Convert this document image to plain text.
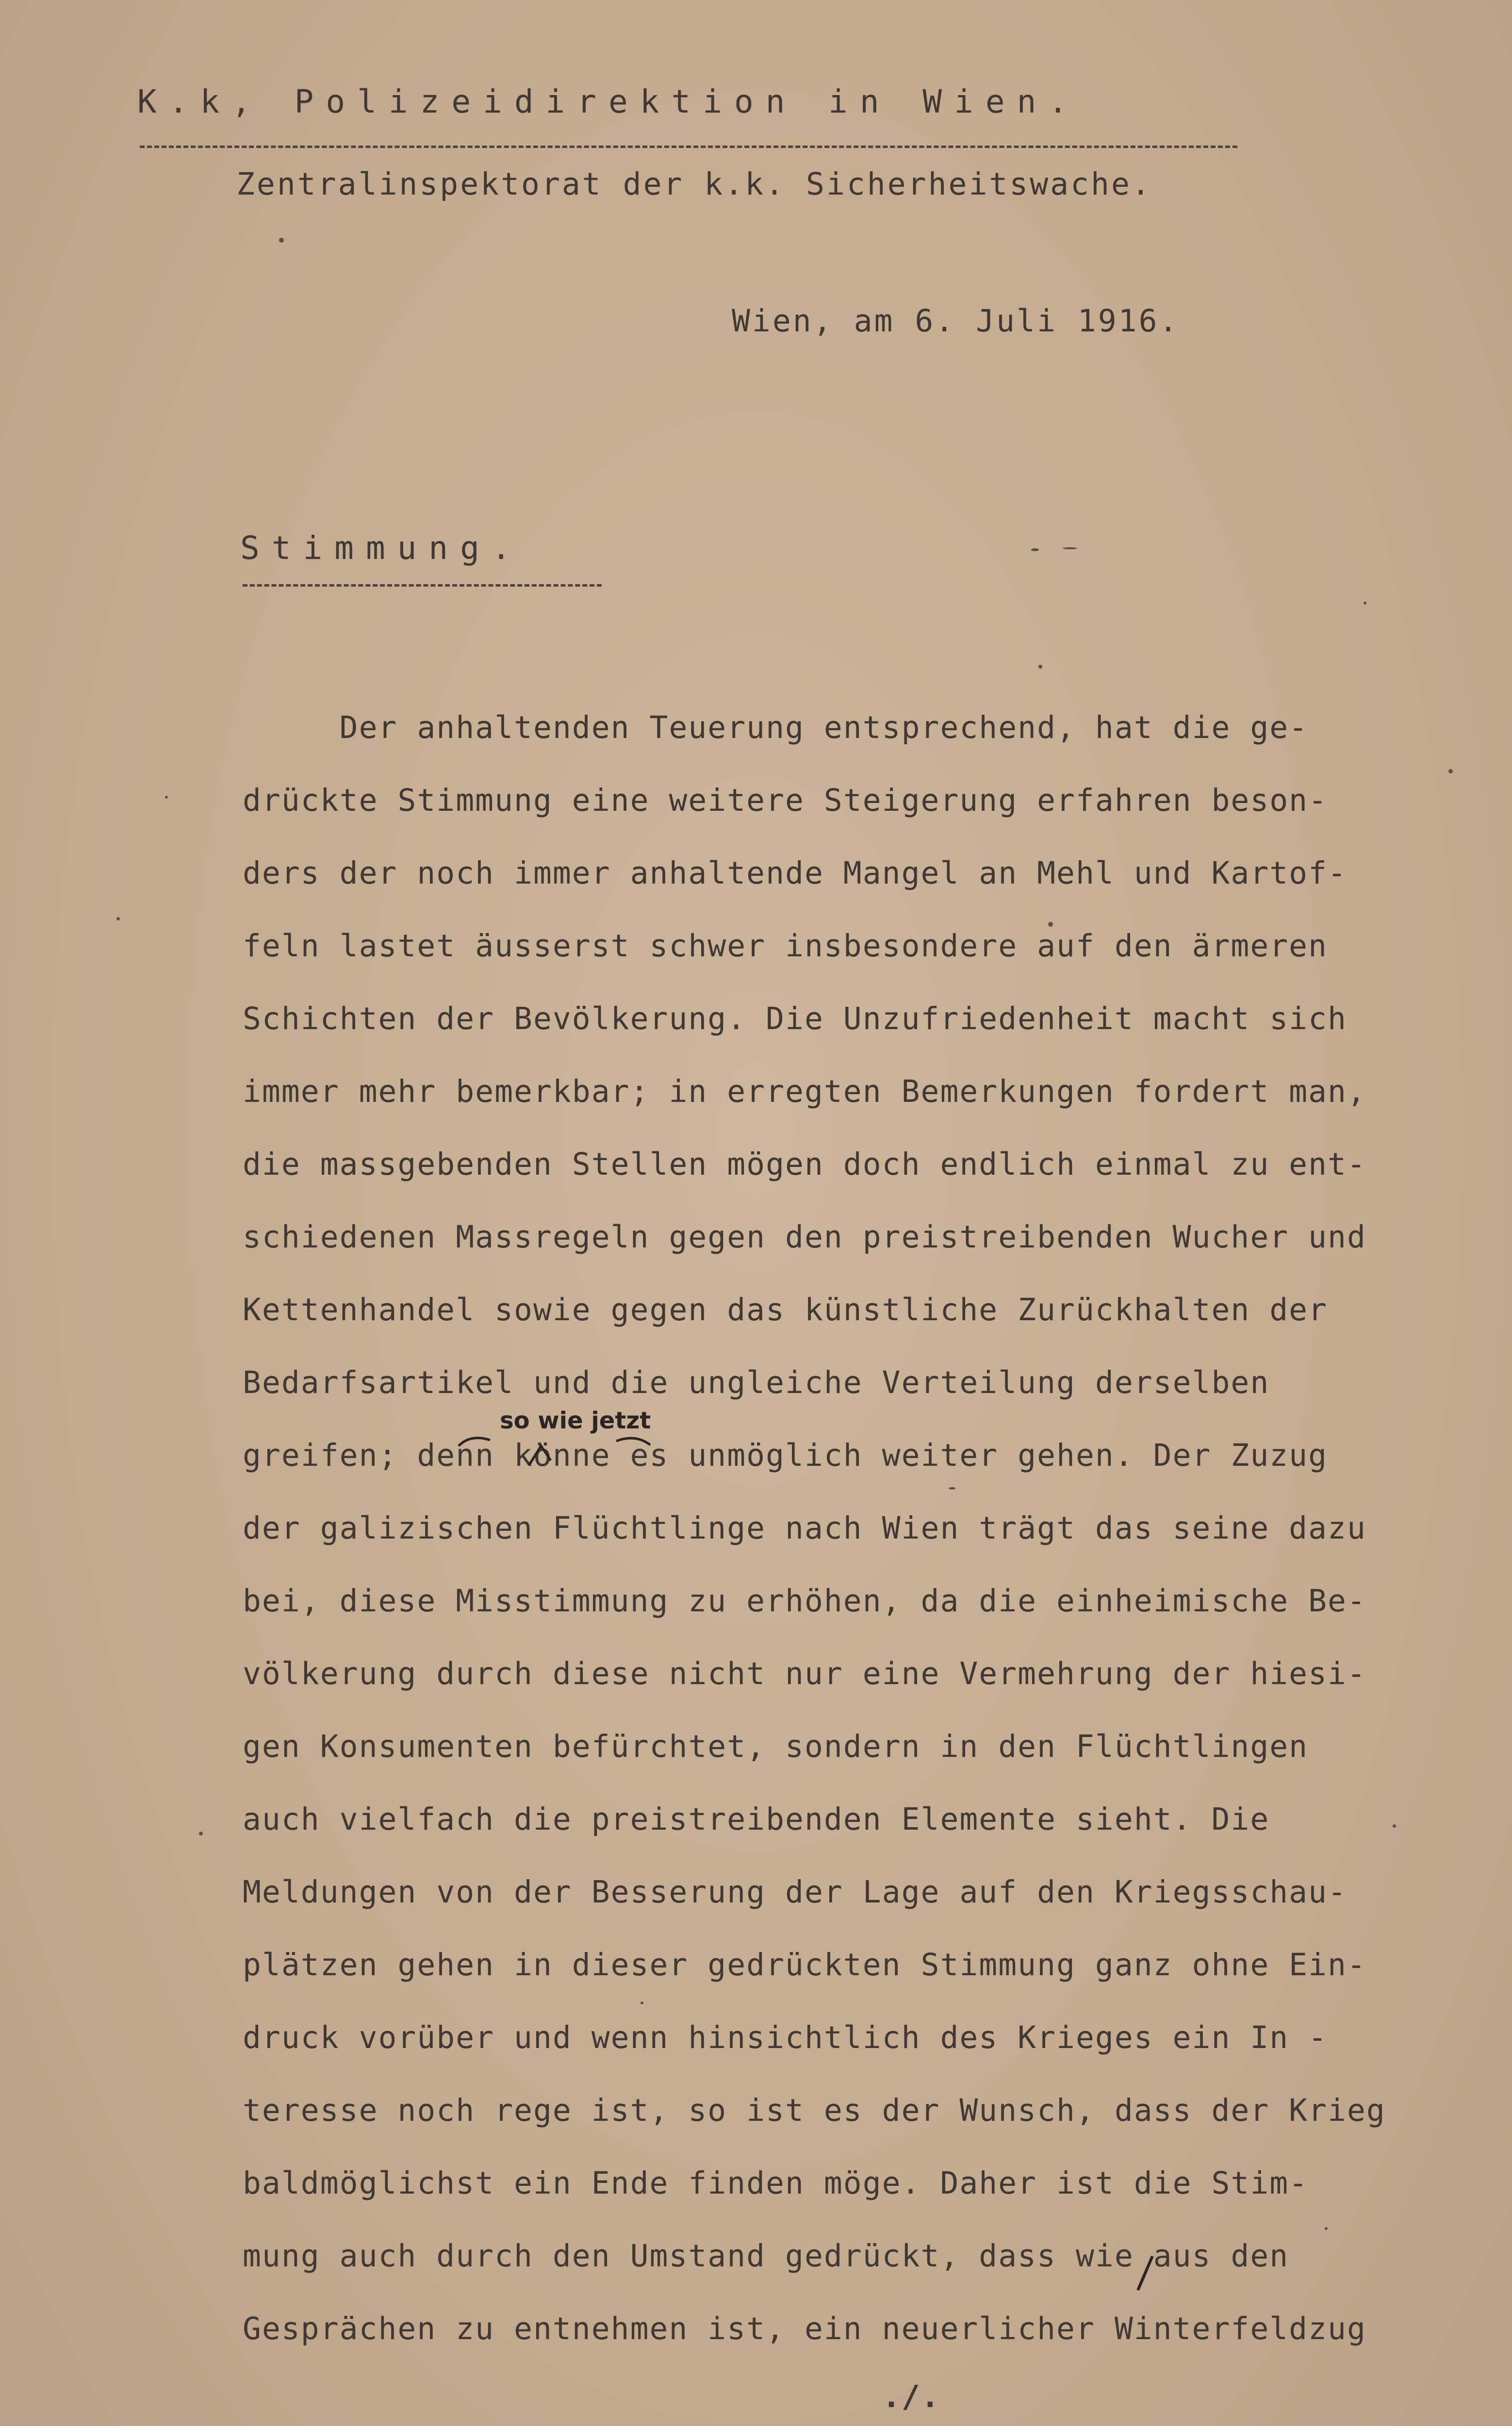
K.k, Polizeidirektion in Wien.
Zentralinspektorat der k.k. Sicherheitswache.
Wien, am 6. Juli 1916.
Stimmung.
Der anhaltenden Teuerung entsprechend, hat die ge-
drückte Stimmung eine weitere Steigerung erfahren beson-
ders der noch immer anhaltende Mangel an Mehl und Kartof-
feln lastet äusserst schwer insbesondere auf den ärmeren
Schichten der Bevölkerung. Die Unzufriedenheit macht sich
immer mehr bemerkbar; in erregten Bemerkungen fordert man,
die massgebenden Stellen mögen doch endlich einmal zu ent-
schiedenen Massregeln gegen den preistreibenden Wucher und
Kettenhandel sowie gegen das künstliche Zurückhalten der
Bedarfsartikel und die ungleiche Verteilung derselben
greifen; denn könne es unmöglich weiter gehen. Der Zuzug
der galizischen Flüchtlinge nach Wien trägt das seine dazu
bei, diese Misstimmung zu erhöhen, da die einheimische Be-
völkerung durch diese nicht nur eine Vermehrung der hiesi-
gen Konsumenten befürchtet, sondern in den Flüchtlingen
auch vielfach die preistreibenden Elemente sieht. Die
Meldungen von der Besserung der Lage auf den Kriegsschau-
plätzen gehen in dieser gedrückten Stimmung ganz ohne Ein-
druck vorüber und wenn hinsichtlich des Krieges ein In -
teresse noch rege ist, so ist es der Wunsch, dass der Krieg
baldmöglichst ein Ende finden möge. Daher ist die Stim-
mung auch durch den Umstand gedrückt, dass wie aus den
Gesprächen zu entnehmen ist, ein neuerlicher Winterfeldzug
so wie jetzt
./.
